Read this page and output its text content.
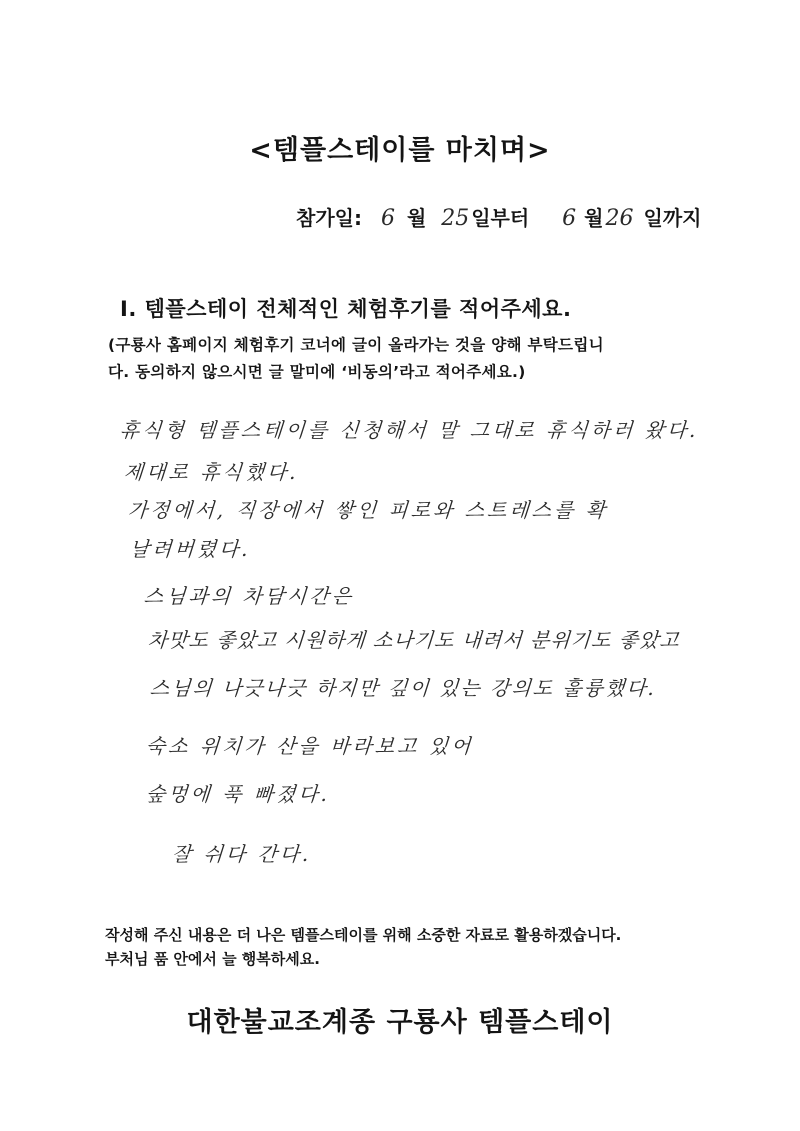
<템플스테이를 마치며>
참가일: 6 월 25 일부터 6 월26 일까지
I. 템플스테이 전체적인 체험후기를 적어주세요.
(구룡사 홈페이지 체험후기 코너에 글이 올라가는 것을 양해 부탁드립니
다. 동의하지 않으시면 글 말미에 ‘비동의’라고 적어주세요.)
휴식형 템플스테이를 신청해서 말 그대로 휴식하러 왔다.
제대로 휴식했다.
가정에서, 직장에서 쌓인 피로와 스트레스를 확
날려버렸다.
스님과의 차담시간은
차맛도 좋았고 시원하게 소나기도 내려서 분위기도 좋았고
스님의 나긋나긋 하지만 깊이 있는 강의도 훌륭했다.
숙소 위치가 산을 바라보고 있어
숲멍에 푹 빠졌다.
잘 쉬다 간다.
작성해 주신 내용은 더 나은 템플스테이를 위해 소중한 자료로 활용하겠습니다.
부처님 품 안에서 늘 행복하세요.
대한불교조계종 구룡사 템플스테이
